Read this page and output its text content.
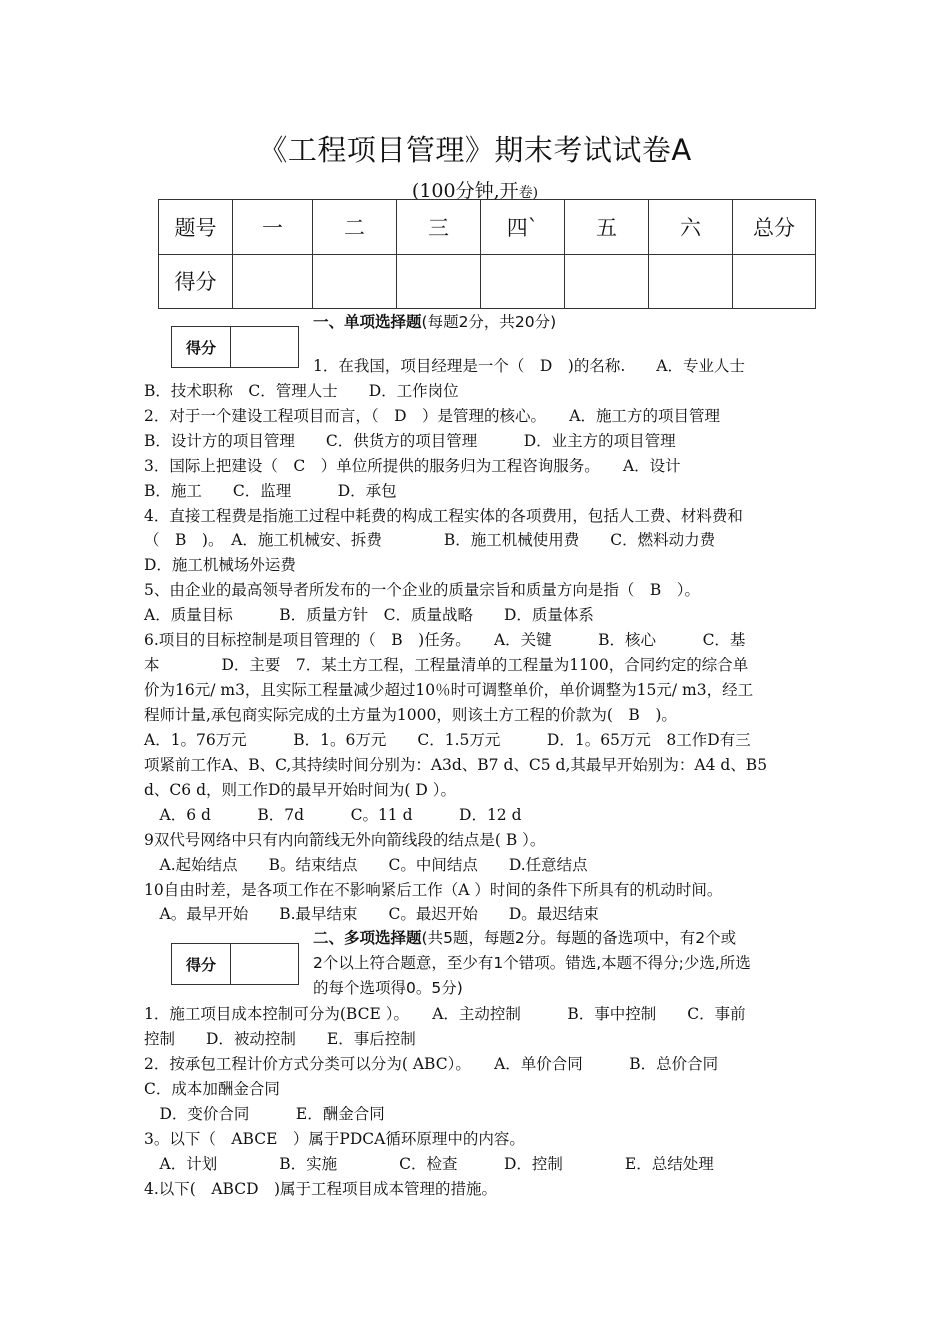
《工程项目管理》期末考试试卷A
(100分钟,开卷)
题号	一	二	三	四`	五	六	总分
得分							
得分
一、单项选择题(每题2分，共20分)
1．在我国，项目经理是一个（　D　)的名称.　　A．专业人士
B．技术职称　C．管理人士　　D．工作岗位
2．对于一个建设工程项目而言，（　D　）是管理的核心。　　A．施工方的项目管理
B．设计方的项目管理　　C．供货方的项目管理　　　D．业主方的项目管理
3．国际上把建设（　C　）单位所提供的服务归为工程咨询服务。　　A．设计
B．施工　　C．监理　　　D．承包
4．直接工程费是指施工过程中耗费的构成工程实体的各项费用，包括人工费、材料费和
（　B　)。　A．施工机械安、拆费　　　　B．施工机械使用费　　C．燃料动力费
D．施工机械场外运费
5、由企业的最高领导者所发布的一个企业的质量宗旨和质量方向是指（　B　）。
A．质量目标　　　B．质量方针　C．质量战略　　D．质量体系
6.项目的目标控制是项目管理的（　B　)任务。　　A．关键　　　B．核心　　　C．基
本　　　　D．主要　7．某土方工程，工程量清单的工程量为1100，合同约定的综合单
价为16元/ m3，且实际工程量减少超过10％时可调整单价，单价调整为15元/ m3，经工
程师计量,承包商实际完成的土方量为1000，则该土方工程的价款为(　B　)。
A．1。76万元　　　B．1。6万元　　C．1.5万元　　　D．1。65万元　8工作D有三
项紧前工作A、B、C,其持续时间分别为：A3d、B7 d、C5 d,其最早开始别为：A4 d、B5
d、C6 d，则工作D的最早开始时间为( D ）。
　A．6 d　　　B．7d　　　C。11 d　　　D．12 d
9双代号网络中只有内向箭线无外向箭线段的结点是( B ）。
　A.起始结点　　B。结束结点　　C。中间结点　　D.任意结点
10自由时差，是各项工作在不影响紧后工作（A ）时间的条件下所具有的机动时间。
　A。最早开始　　B.最早结束　　C。最迟开始　　D。最迟结束
得分
二、多项选择题(共5题，每题2分。每题的备选项中，有2个或
2个以上符合题意，至少有1个错项。错选,本题不得分;少选,所选
的每个选项得0。5分)
1．施工项目成本控制可分为(BCE ）。　　A．主动控制　　　B．事中控制　　C．事前
控制　　D．被动控制　　E．事后控制
2．按承包工程计价方式分类可以分为( ABC）。　　A．单价合同　　　B．总价合同
C．成本加酬金合同
　D．变价合同　　　E．酬金合同
3。以下（　ABCE　）属于PDCA循环原理中的内容。
　A．计划　　　　B．实施　　　　C．检查　　　D．控制　　　　E．总结处理
4.以下(　ABCD　)属于工程项目成本管理的措施。
